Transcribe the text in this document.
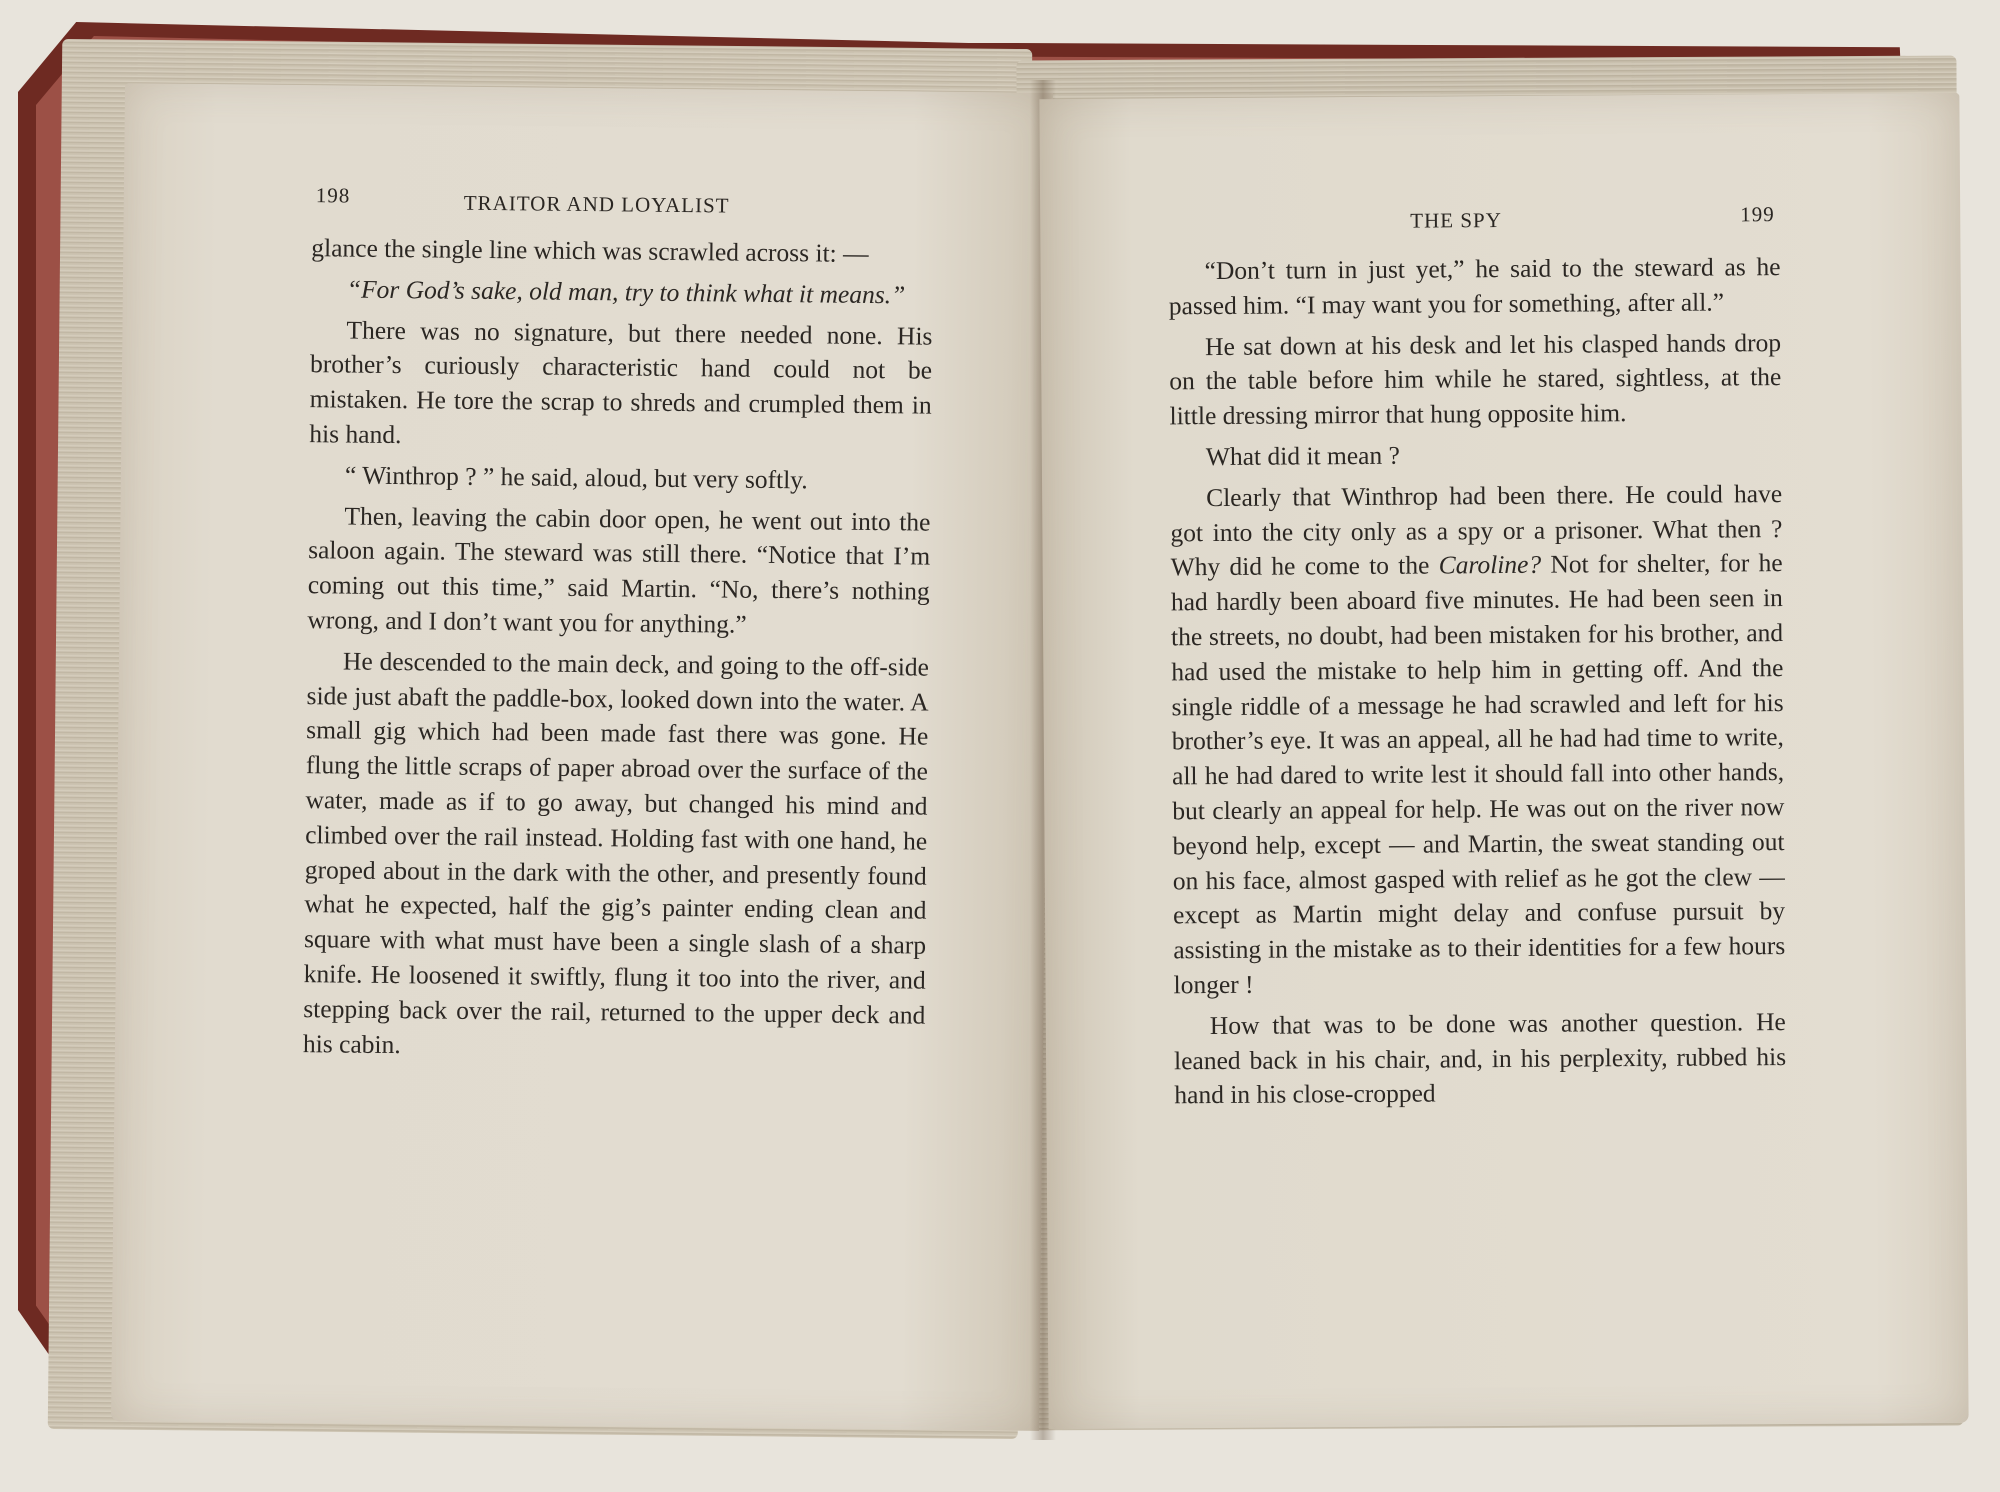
198	TRAITOR AND LOYALIST

glance the single line which was scrawled across it: —

“For God’s sake, old man, try to think what it means.”

There was no signature, but there needed none. His brother’s curiously characteristic hand could not be mistaken. He tore the scrap to shreds and crumpled them in his hand.

“ Winthrop ? ” he said, aloud, but very softly.

Then, leaving the cabin door open, he went out into the saloon again. The steward was still there. “Notice that I’m coming out this time,” said Martin. “No, there’s nothing wrong, and I don’t want you for anything.”

He descended to the main deck, and going to the off-side side just abaft the paddle-box, looked down into the water. A small gig which had been made fast there was gone. He flung the little scraps of paper abroad over the surface of the water, made as if to go away, but changed his mind and climbed over the rail instead. Holding fast with one hand, he groped about in the dark with the other, and presently found what he expected, half the gig’s painter ending clean and square with what must have been a single slash of a sharp knife. He loosened it swiftly, flung it too into the river, and stepping back over the rail, returned to the upper deck and his cabin.

THE SPY	199

“Don’t turn in just yet,” he said to the steward as he passed him. “I may want you for something, after all.”

He sat down at his desk and let his clasped hands drop on the table before him while he stared, sightless, at the little dressing mirror that hung opposite him.

What did it mean ?

Clearly that Winthrop had been there. He could have got into the city only as a spy or a prisoner. What then ? Why did he come to the Caroline? Not for shelter, for he had hardly been aboard five minutes. He had been seen in the streets, no doubt, had been mistaken for his brother, and had used the mistake to help him in getting off. And the single riddle of a message he had scrawled and left for his brother’s eye. It was an appeal, all he had had time to write, all he had dared to write lest it should fall into other hands, but clearly an appeal for help. He was out on the river now beyond help, except — and Martin, the sweat standing out on his face, almost gasped with relief as he got the clew — except as Martin might delay and confuse pursuit by assisting in the mistake as to their identities for a few hours longer !

How that was to be done was another question. He leaned back in his chair, and, in his perplexity, rubbed his hand in his close-cropped
